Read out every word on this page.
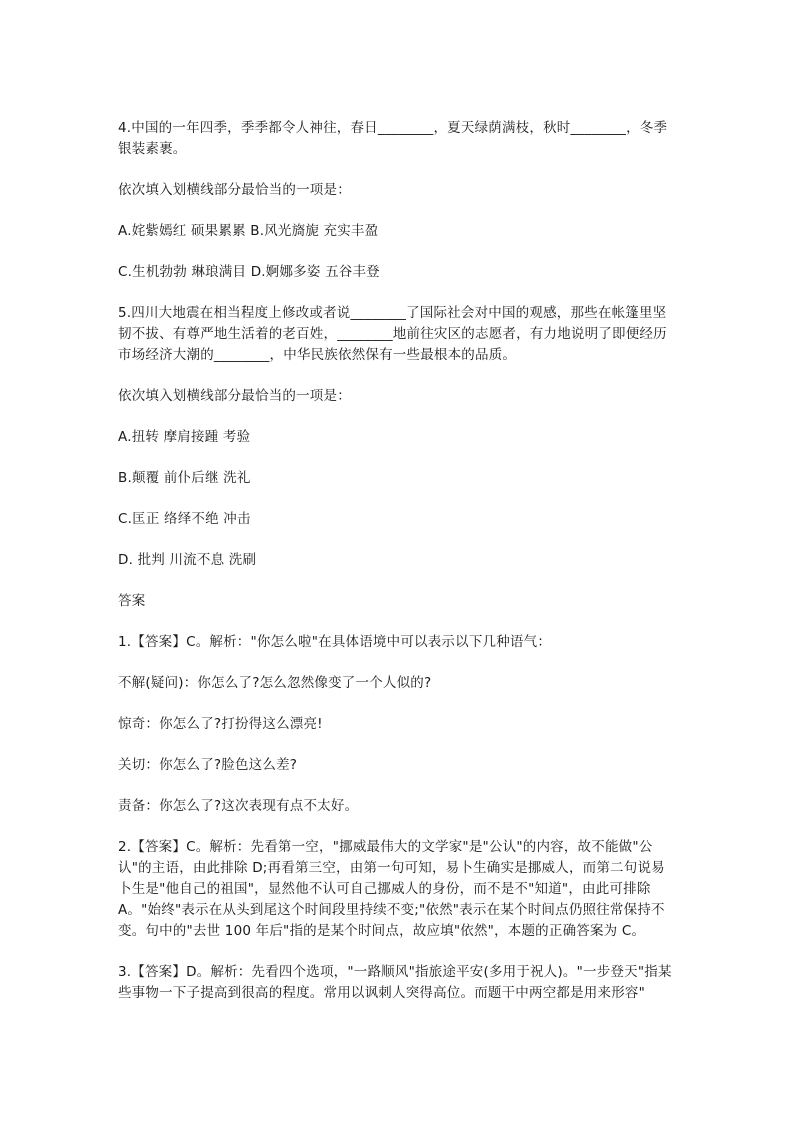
4.中国的一年四季，季季都令人神往，春日________，夏天绿荫满枝，秋时________，冬季银装素裹。

依次填入划横线部分最恰当的一项是：

A.姹紫嫣红 硕果累累 B.风光旖旎 充实丰盈

C.生机勃勃 琳琅满目 D.婀娜多姿 五谷丰登

5.四川大地震在相当程度上修改或者说________了国际社会对中国的观感，那些在帐篷里坚韧不拔、有尊严地生活着的老百姓，________地前往灾区的志愿者，有力地说明了即便经历市场经济大潮的________，中华民族依然保有一些最根本的品质。

依次填入划横线部分最恰当的一项是：

A.扭转 摩肩接踵 考验

B.颠覆 前仆后继 洗礼

C.匡正 络绎不绝 冲击

D. 批判 川流不息 洗刷

答案

1.【答案】C。解析："你怎么啦"在具体语境中可以表示以下几种语气：

不解(疑问)：你怎么了?怎么忽然像变了一个人似的?

惊奇：你怎么了?打扮得这么漂亮!

关切：你怎么了?脸色这么差?

责备：你怎么了?这次表现有点不太好。

2.【答案】C。解析：先看第一空，"挪威最伟大的文学家"是"公认"的内容，故不能做"公认"的主语，由此排除 D;再看第三空，由第一句可知，易卜生确实是挪威人，而第二句说易卜生是"他自己的祖国"，显然他不认可自己挪威人的身份，而不是不"知道"，由此可排除A。"始终"表示在从头到尾这个时间段里持续不变;"依然"表示在某个时间点仍照往常保持不变。句中的"去世 100 年后"指的是某个时间点，故应填"依然"，本题的正确答案为 C。

3.【答案】D。解析：先看四个选项，"一路顺风"指旅途平安(多用于祝人)。"一步登天"指某些事物一下子提高到很高的程度。常用以讽刺人突得高位。而题干中两空都是用来形容"
